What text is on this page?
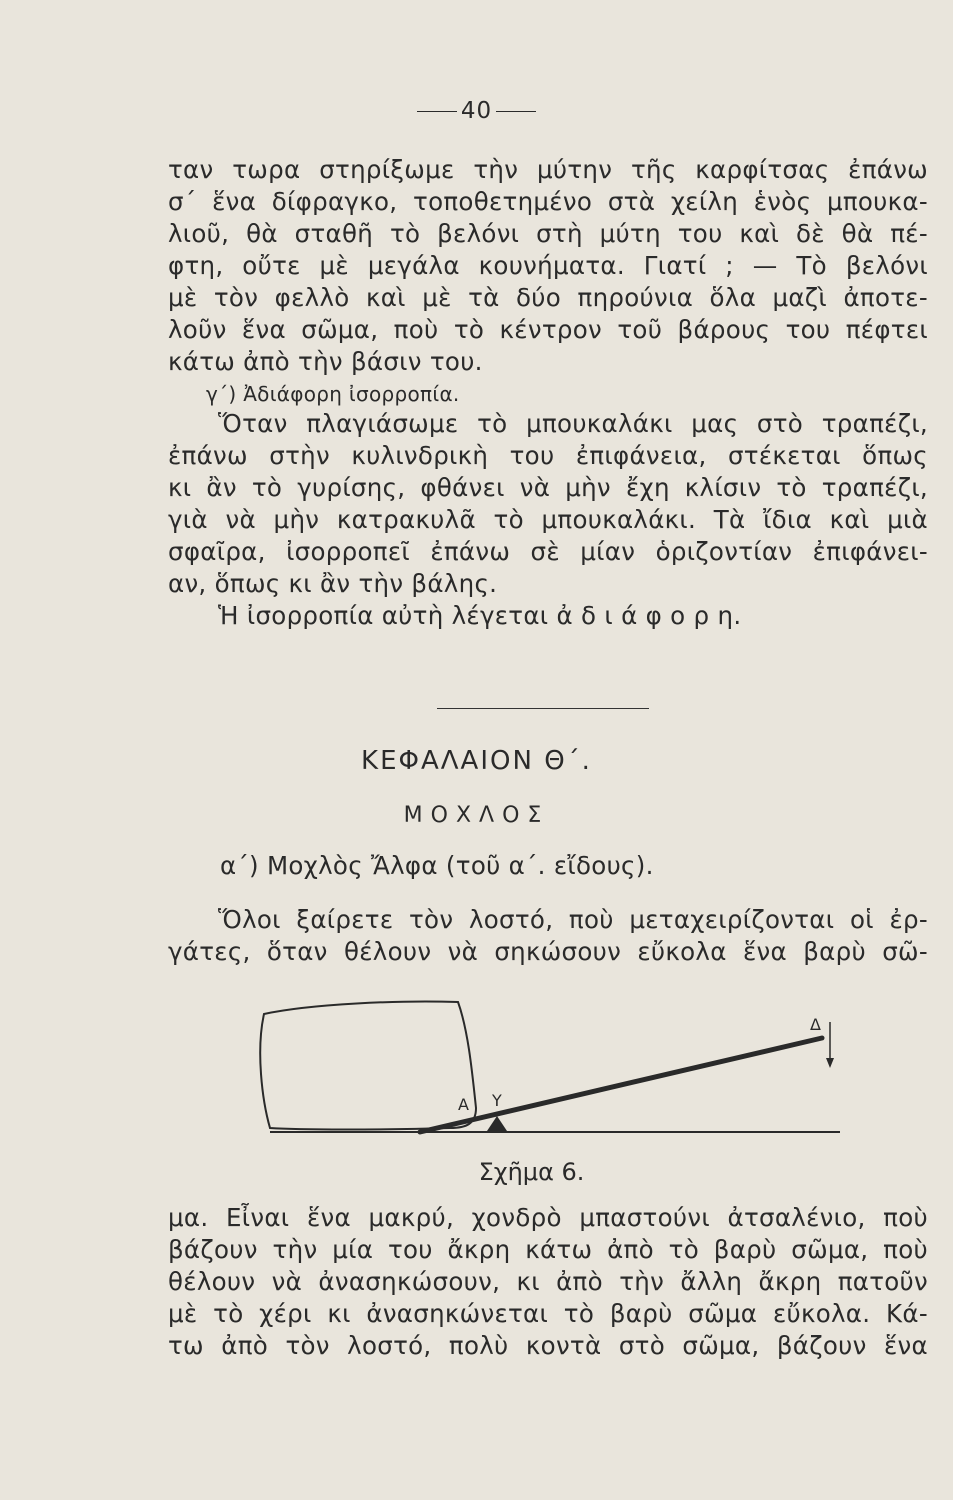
40
ταν τωρα στηρίξωμε τὴν μύτην τῆς καρφίτσας ἐπάνω
σ΄ ἕνα δίφραγκο, τοποθετημένο στὰ χείλη ἑνὸς μπουκα-
λιοῦ, θὰ σταθῆ τὸ βελόνι στὴ μύτη του καὶ δὲ θὰ πέ-
φτη, οὔτε μὲ μεγάλα κουνήματα. Γιατί ; — Τὸ βελόνι
μὲ τὸν φελλὸ καὶ μὲ τὰ δύο πηρούνια ὅλα μαζὶ ἀποτε-
λοῦν ἕνα σῶμα, ποὺ τὸ κέντρον τοῦ βάρους του πέφτει
κάτω ἀπὸ τὴν βάσιν του.
γ΄) Ἀδιάφορη ἰσορροπία.
Ὅταν πλαγιάσωμε τὸ μπουκαλάκι μας στὸ τραπέζι,
ἐπάνω στὴν κυλινδρικὴ του ἐπιφάνεια, στέκεται ὅπως
κι ἂν τὸ γυρίσης, φθάνει νὰ μὴν ἔχη κλίσιν τὸ τραπέζι,
γιὰ νὰ μὴν κατρακυλᾶ τὸ μπουκαλάκι. Τὰ ἴδια καὶ μιὰ
σφαῖρα, ἰσορροπεῖ ἐπάνω σὲ μίαν ὁριζοντίαν ἐπιφάνει-
αν, ὅπως κι ἂν τὴν βάλης.
Ἡ ἰσορροπία αὐτὴ λέγεται ἀ δ ι ά φ ο ρ η.
ΚΕΦΑΛΑΙΟΝ Θ΄.
ΜΟΧΛΟΣ
α΄) Μοχλὸς Ἄλφα (τοῦ α΄. εἴδους).
Ὅλοι ξαίρετε τὸν λοστό, ποὺ μεταχειρίζονται οἱ ἐρ-
γάτες, ὅταν θέλουν νὰ σηκώσουν εὔκολα ἕνα βαρὺ σῶ-
Α Υ
Δ
Σχῆμα 6.
μα. Εἶναι ἕνα μακρύ, χονδρὸ μπαστούνι ἀτσαλένιο, ποὺ
βάζουν τὴν μία του ἄκρη κάτω ἀπὸ τὸ βαρὺ σῶμα, ποὺ
θέλουν νὰ ἀνασηκώσουν, κι ἀπὸ τὴν ἄλλη ἄκρη πατοῦν
μὲ τὸ χέρι κι ἀνασηκώνεται τὸ βαρὺ σῶμα εὔκολα. Κά-
τω ἀπὸ τὸν λοστό, πολὺ κοντὰ στὸ σῶμα, βάζουν ἕνα
